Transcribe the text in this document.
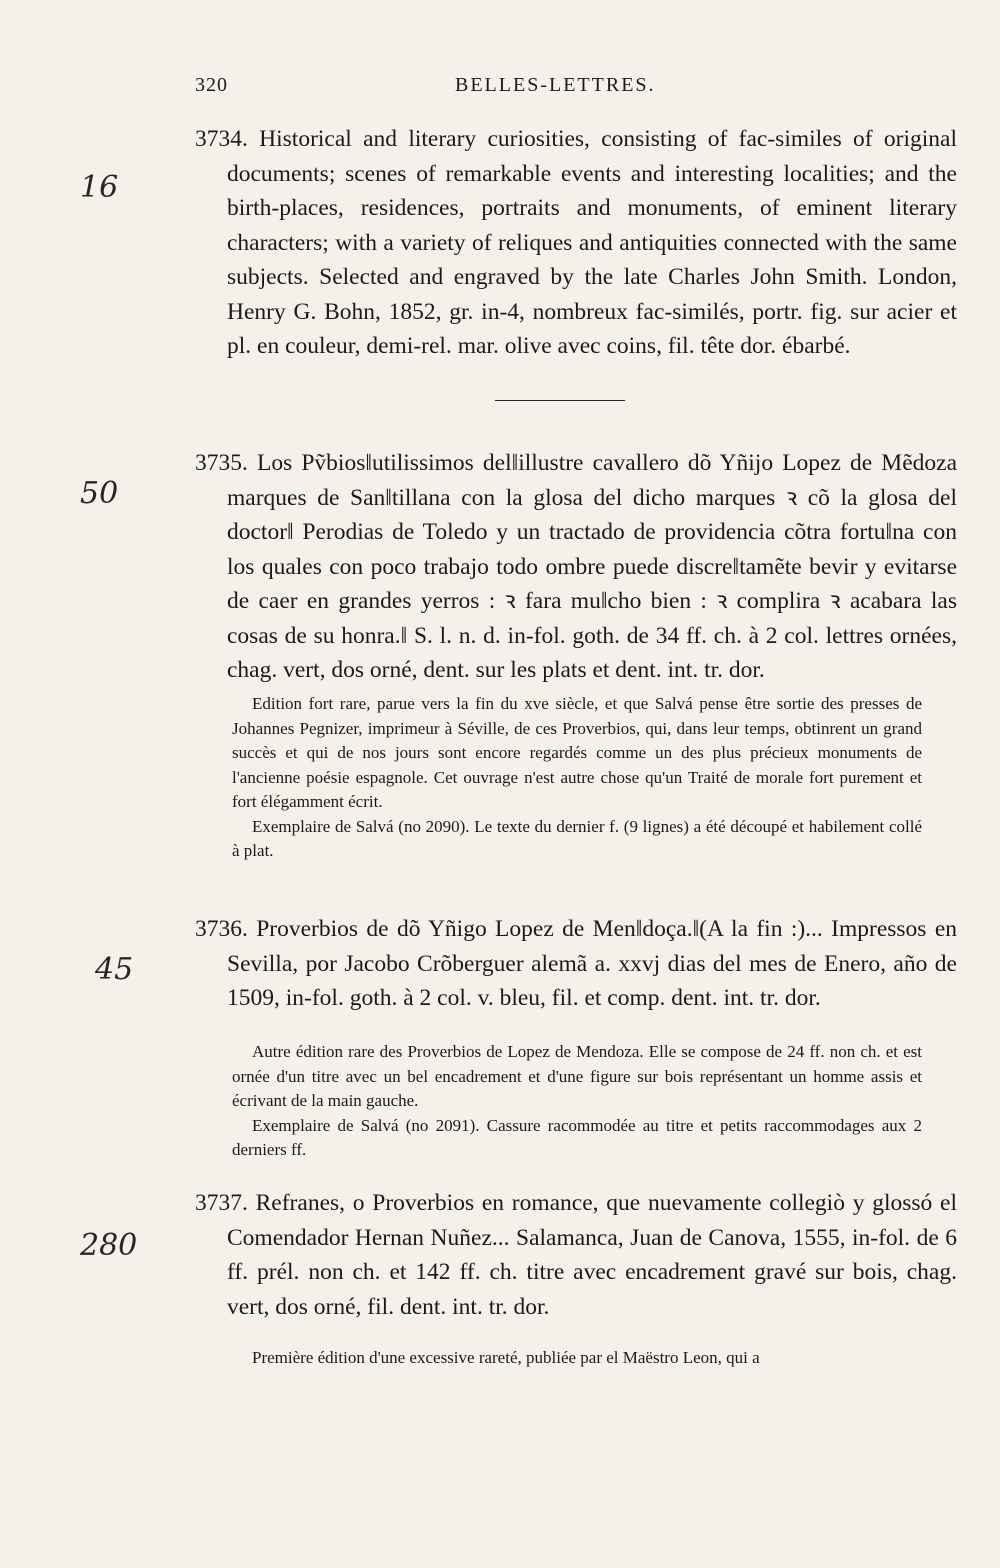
320	BELLES-LETTRES.
16
50
45
280
3734. Historical and literary curiosities, consisting of fac-similes of original documents; scenes of remarkable events and interesting localities; and the birth-places, residences, portraits and monuments, of eminent literary characters; with a variety of reliques and antiquities connected with the same subjects. Selected and engraved by the late Charles John Smith. London, Henry G. Bohn, 1852, gr. in-4, nombreux fac-similés, portr. fig. sur acier et pl. en couleur, demi-rel. mar. olive avec coins, fil. tête dor. ébarbé.
3735. Los Pṽbios‖utilissimos del‖illustre cavallero dõ Yñijo Lopez de Mẽdoza marques de San‖tillana con la glosa del dicho marques ꝛ cõ la glosa del doctor‖ Perodias de Toledo y un tractado de providencia cõtra fortu‖na con los quales con poco trabajo todo ombre puede discre‖tamẽte bevir y evitarse de caer en grandes yerros : ꝛ fara mu‖cho bien : ꝛ complira ꝛ acabara las cosas de su honra.‖ S. l. n. d. in-fol. goth. de 34 ff. ch. à 2 col. lettres ornées, chag. vert, dos orné, dent. sur les plats et dent. int. tr. dor.

Edition fort rare, parue vers la fin du xve siècle, et que Salvá pense être sortie des presses de Johannes Pegnizer, imprimeur à Séville, de ces Proverbios, qui, dans leur temps, obtinrent un grand succès et qui de nos jours sont encore regardés comme un des plus précieux monuments de l'ancienne poésie espagnole. Cet ouvrage n'est autre chose qu'un Traité de morale fort purement et fort élégamment écrit.

Exemplaire de Salvá (no 2090). Le texte du dernier f. (9 lignes) a été découpé et habilement collé à plat.

3736. Proverbios de dõ Yñigo Lopez de Men‖doça.‖(A la fin :)... Impressos en Sevilla, por Jacobo Crõberguer alemã a. xxvj dias del mes de Enero, año de 1509, in-fol. goth. à 2 col. v. bleu, fil. et comp. dent. int. tr. dor.

Autre édition rare des Proverbios de Lopez de Mendoza. Elle se compose de 24 ff. non ch. et est ornée d'un titre avec un bel encadrement et d'une figure sur bois représentant un homme assis et écrivant de la main gauche.

Exemplaire de Salvá (no 2091). Cassure racommodée au titre et petits raccommodages aux 2 derniers ff.

3737. Refranes, o Proverbios en romance, que nuevamente collegiò y glossó el Comendador Hernan Nuñez... Salamanca, Juan de Canova, 1555, in-fol. de 6 ff. prél. non ch. et 142 ff. ch. titre avec encadrement gravé sur bois, chag. vert, dos orné, fil. dent. int. tr. dor.

Première édition d'une excessive rareté, publiée par el Maëstro Leon, qui a
